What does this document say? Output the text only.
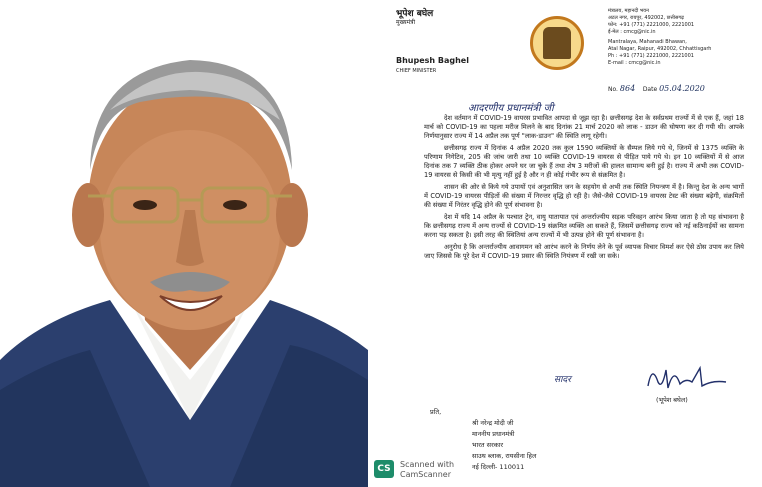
भूपेश बघेल
मुख्यमंत्री
Bhupesh Baghel
CHIEF MINISTER
मंत्रालय, महानदी भवन
अटल नगर, रायपुर, 492002, छत्तीसगढ़
फोन: +91 (771) 2221000, 2221001
ई-मेल : cmcg@nic.in
Mantralaya, Mahanadi Bhawan,
Atal Nagar, Raipur, 492002, Chhattisgarh
Ph : +91 (771) 2221000, 2221001
E-mail : cmcg@nic.in
No. 864 Date 05.04.2020
आदरणीय प्रधानमंत्री जी

देश वर्तमान में COVID-19 वायरस प्रभावित आपदा से जूझ रहा है। छत्तीसगढ़ देश के सर्वप्रथम राज्यों में से एक हैं, जहां 18 मार्च को COVID-19 का पहला मरीज मिलने के बाद दिनांक 21 मार्च 2020 को लाक - डाउन की घोषणा कर दी गयी थी। आपके निर्णयानुसार राज्य में 14 अप्रैल तक पूर्ण "लाक-डाउन" की स्थिति लागू रहेगी।

छत्तीसगढ़ राज्य में दिनांक 4 अप्रैल 2020 तक कुल 1590 व्यक्तियों के सैम्पल लिये गये थे, जिनमें से 1375 व्यक्ति के परिणाम निगेटिव, 205 की जांच जारी तथा 10 व्यक्ति COVID-19 वायरस से पीड़ित पाये गये थे। इन 10 व्यक्तियों में से आज दिनांक तक 7 व्यक्ति ठीक होकर अपने घर जा चुके हैं तथा शेष 3 मरीजों की हालत सामान्य बनी हुई है। राज्य में अभी तक COVID-19 वायरस से किसी की भी मृत्यु नहीं हुई है और न ही कोई गंभीर रूप से संक्रमित है।

शासन की ओर से किये गये उपायों एवं अनुशासित जन के सहयोग से अभी तक स्थिति नियन्त्रण में है। किन्तु देश के अन्य भागों में COVID-19 वायरस पीड़ितों की संख्या में निरन्तर वृद्धि हो रही है। जैसे-जैसे COVID-19 वायरस टेस्ट की संख्या बढ़ेगी, संक्रमितों की संख्या में निरंतर वृद्धि होने की पूर्ण संभावना है।

देश में यदि 14 अप्रैल के पश्चात ट्रेन, वायु यातायात एवं अन्तर्राज्यीय सड़क परिवहन आरंभ किया जाता है तो यह संभावना है कि छत्तीसगढ़ राज्य में अन्य राज्यों से COVID-19 संक्रमित व्यक्ति आ सकते हैं, जिसमें छत्तीसगढ़ राज्य को नई कठिनाईयों का सामना करना पड़ सकता है। इसी तरह की स्थितियां अन्य राज्यों में भी उत्पन्न होने की पूर्ण संभावना है।

अनुरोध है कि अन्तर्राज्यीय आवागमन को आरंभ करने के निर्णय लेने के पूर्व व्यापक विचार विमर्श कर ऐसे ठोस उपाय कर लिये जाए जिससे कि पूरे देश में COVID-19 प्रसार की स्थिति नियंत्रण में रखी जा सके।

सादर
(भूपेश बघेल)
प्रति,
श्री नरेन्द्र मोदी जी
माननीय प्रधानमंत्री
भारत सरकार
साउथ ब्लाक, रायसीना हिल
नई दिल्ली- 110011
CS	Scanned with
CamScanner
